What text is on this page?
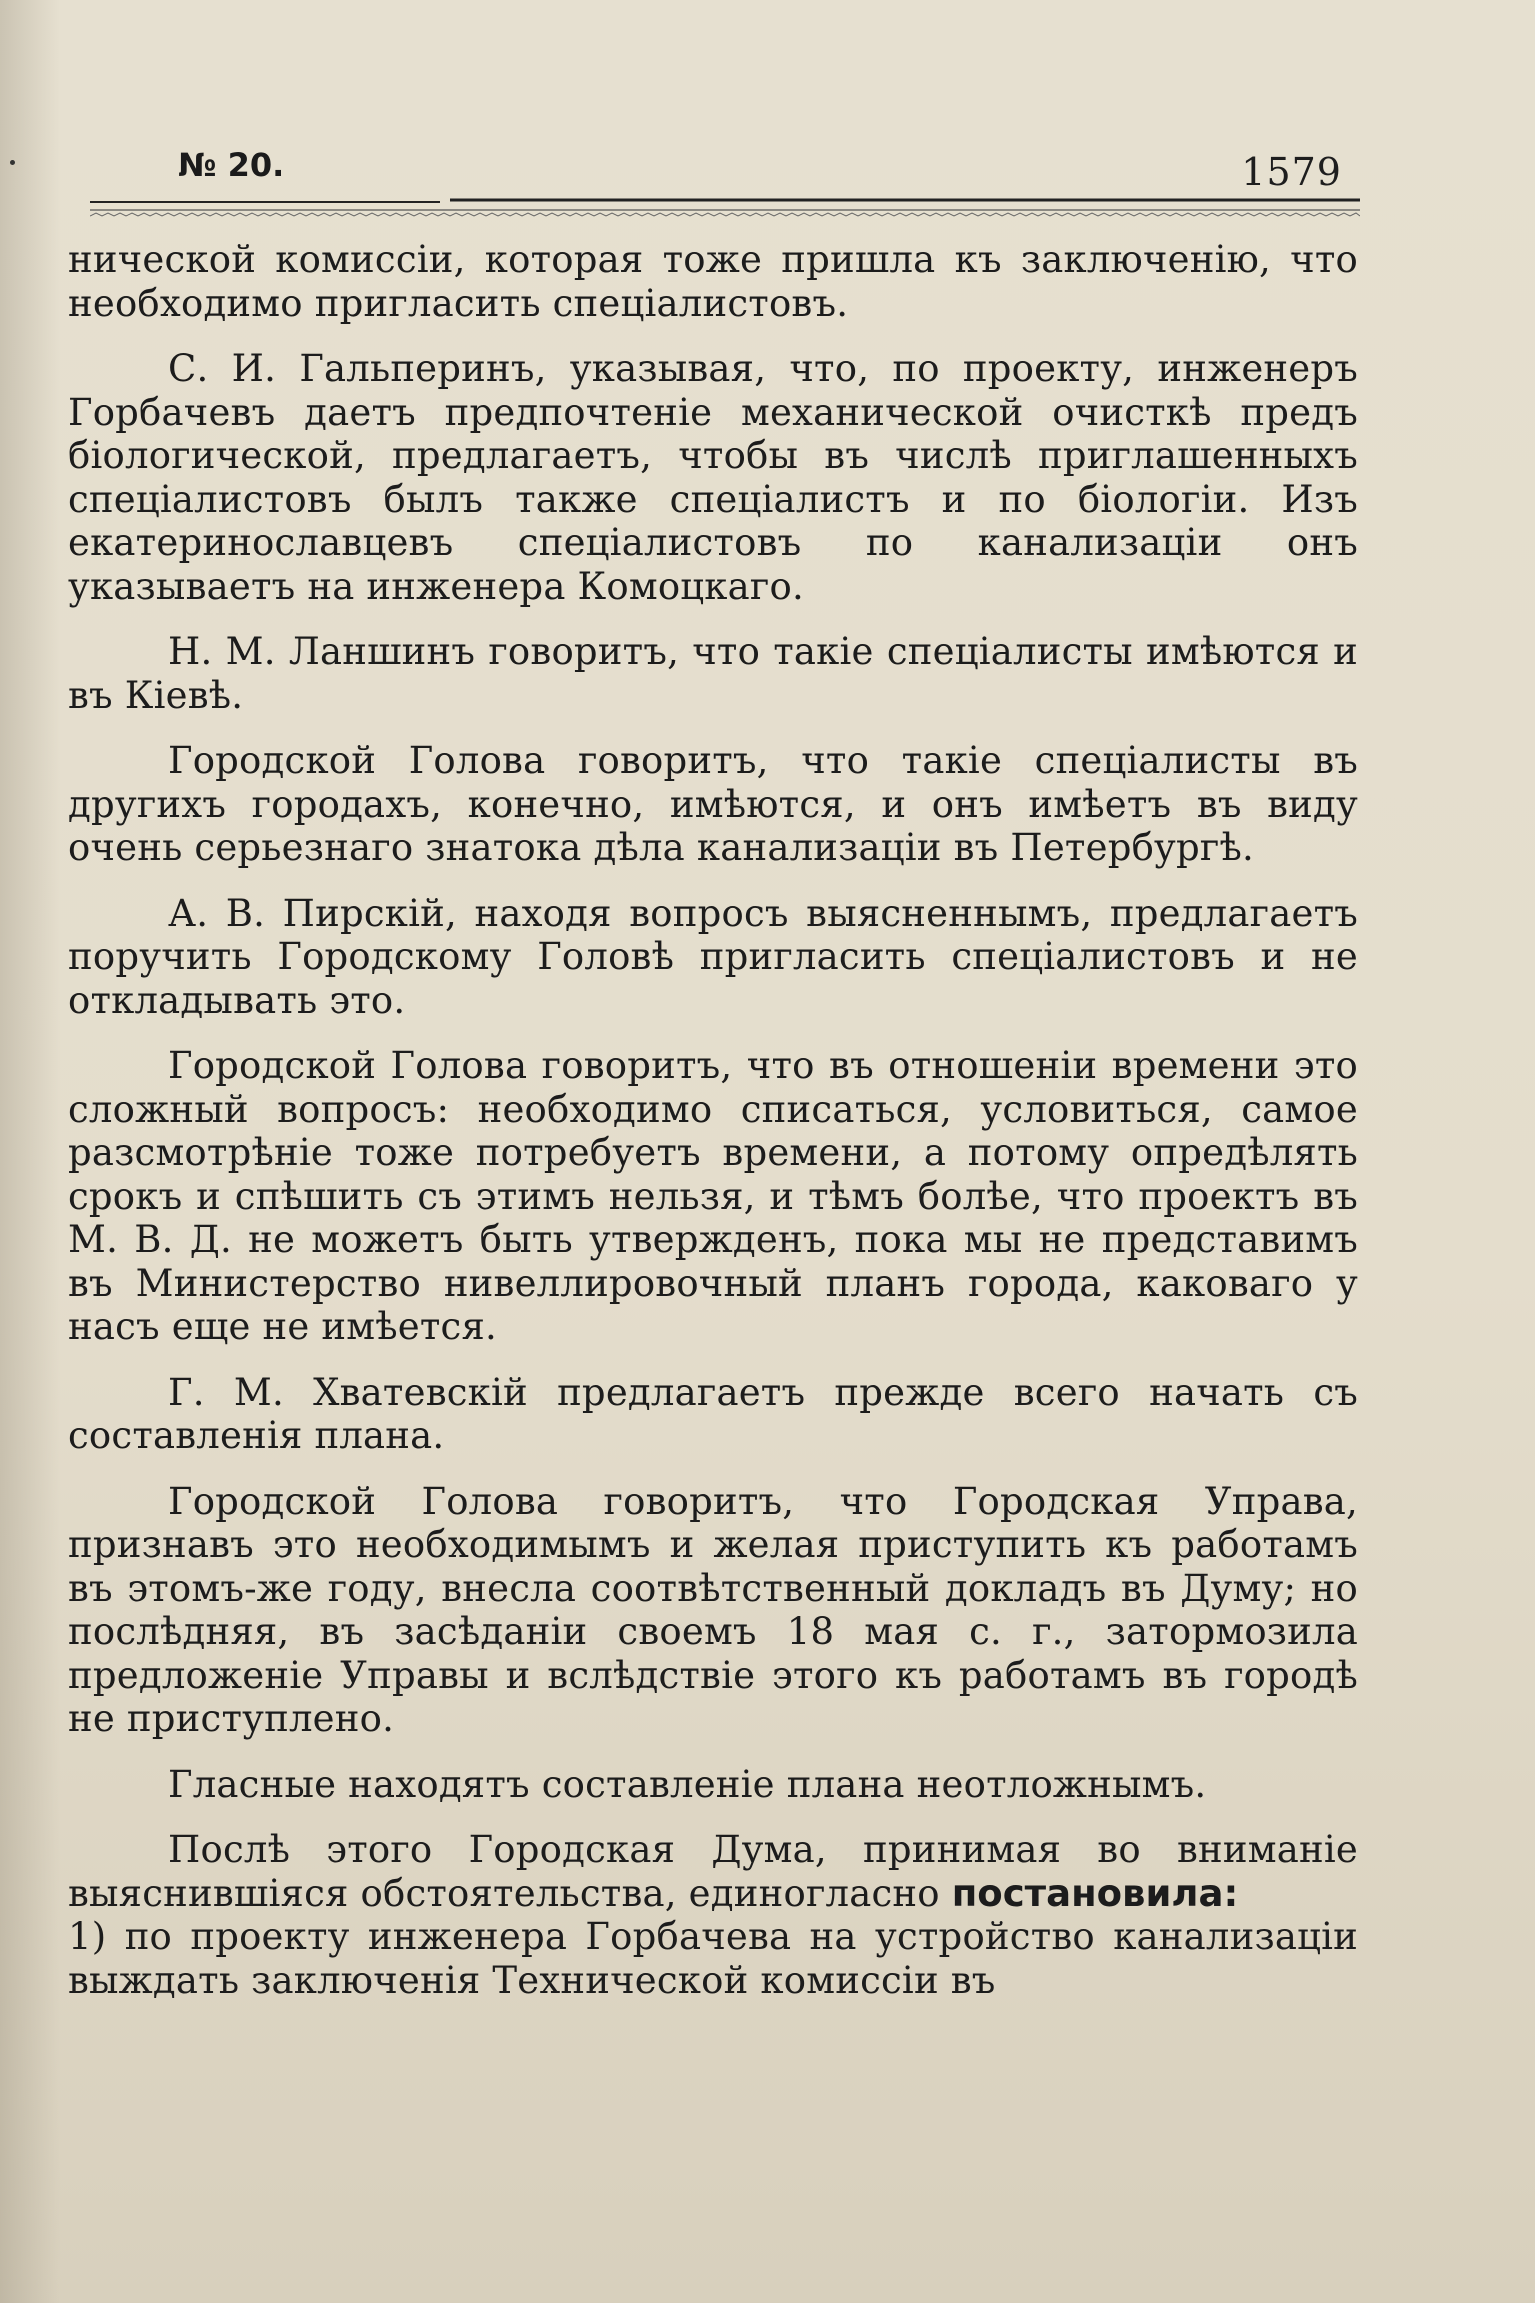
№ 20.	1579

ничеcкой комиссіи, которая тоже пришла къ заключенію, что необходимо пригласить спеціалистовъ.

С. И. Гальперинъ, указывая, что, по проекту, инженеръ Горбачевъ даетъ предпочтеніе механической очисткѣ предъ біологической, предлагаетъ, чтобы въ числѣ приглашенныхъ спеціалистовъ былъ также спеціалистъ и по біологіи. Изъ екатеринославцевъ спеціалистовъ по канализаціи онъ указываетъ на инженера Комоцкаго.

Н. М. Ланшинъ говоритъ, что такіе спеціалисты имѣются и въ Кіевѣ.

Городской Голова говоритъ, что такіе спеціалисты въ другихъ городахъ, конечно, имѣются, и онъ имѣетъ въ виду очень серьезнаго знатока дѣла канализаціи въ Петербургѣ.

А. В. Пирскій, находя вопросъ выясненнымъ, предлагаетъ поручить Городскому Головѣ пригласить спеціалистовъ и не откладывать это.

Городской Голова говоритъ, что въ отношеніи времени это сложный вопросъ: необходимо списаться, условиться, самое разсмотрѣніе тоже потребуетъ времени, а потому опредѣлять срокъ и спѣшить съ этимъ нельзя, и тѣмъ болѣе, что проектъ въ М. В. Д. не можетъ быть утвержденъ, пока мы не представимъ въ Министерство нивеллировочный планъ города, каковаго у насъ еще не имѣется.

Г. М. Хватевскій предлагаетъ прежде всего начать съ составленія плана.

Городской Голова говоритъ, что Городская Управа, признавъ это необходимымъ и желая приступить къ работамъ въ этомъ-же году, внесла соотвѣтственный докладъ въ Думу; но послѣдняя, въ засѣданіи своемъ 18 мая с. г., затормозила предложеніе Управы и вслѣдствіе этого къ работамъ въ городѣ не приступлено.

Гласные находятъ составленіе плана неотложнымъ.

Послѣ этого Городская Дума, принимая во вниманіе выяснившіяся обстоятельства, единогласно постановила:
1) по проекту инженера Горбачева на устройство канализаціи выждать заключенія Технической комиссіи въ
